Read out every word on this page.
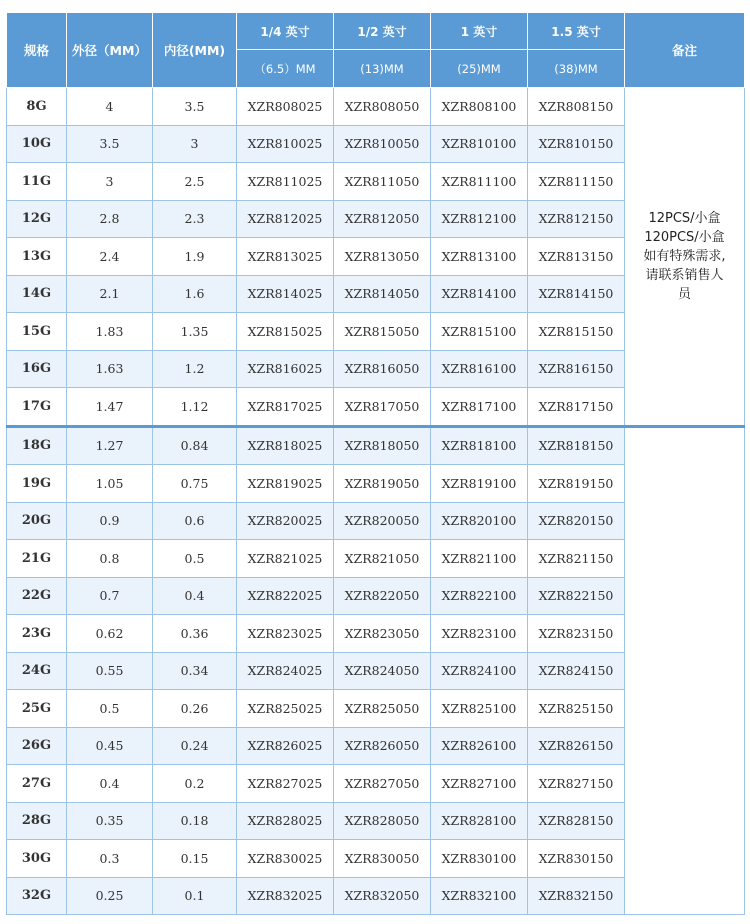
规格	外径（MM）	内径(MM)	1/4 英寸	1/2 英寸	1 英寸	1.5 英寸	备注
			（6.5）MM	(13)MM	(25)MM	(38)MM	
8G	4	3.5	XZR808025	XZR808050	XZR808100	XZR808150	12PCS/小盒
120PCS/小盒
如有特殊需求,
请联系销售人
员

10G	3.5	3	XZR810025	XZR810050	XZR810100	XZR810150	
11G	3	2.5	XZR811025	XZR811050	XZR811100	XZR811150	
12G	2.8	2.3	XZR812025	XZR812050	XZR812100	XZR812150	
13G	2.4	1.9	XZR813025	XZR813050	XZR813100	XZR813150	
14G	2.1	1.6	XZR814025	XZR814050	XZR814100	XZR814150	
15G	1.83	1.35	XZR815025	XZR815050	XZR815100	XZR815150	
16G	1.63	1.2	XZR816025	XZR816050	XZR816100	XZR816150	
17G	1.47	1.12	XZR817025	XZR817050	XZR817100	XZR817150	
18G	1.27	0.84	XZR818025	XZR818050	XZR818100	XZR818150	
19G	1.05	0.75	XZR819025	XZR819050	XZR819100	XZR819150	
20G	0.9	0.6	XZR820025	XZR820050	XZR820100	XZR820150	
21G	0.8	0.5	XZR821025	XZR821050	XZR821100	XZR821150	
22G	0.7	0.4	XZR822025	XZR822050	XZR822100	XZR822150	
23G	0.62	0.36	XZR823025	XZR823050	XZR823100	XZR823150	
24G	0.55	0.34	XZR824025	XZR824050	XZR824100	XZR824150	
25G	0.5	0.26	XZR825025	XZR825050	XZR825100	XZR825150	
26G	0.45	0.24	XZR826025	XZR826050	XZR826100	XZR826150	
27G	0.4	0.2	XZR827025	XZR827050	XZR827100	XZR827150	
28G	0.35	0.18	XZR828025	XZR828050	XZR828100	XZR828150	
30G	0.3	0.15	XZR830025	XZR830050	XZR830100	XZR830150	
32G	0.25	0.1	XZR832025	XZR832050	XZR832100	XZR832150	
